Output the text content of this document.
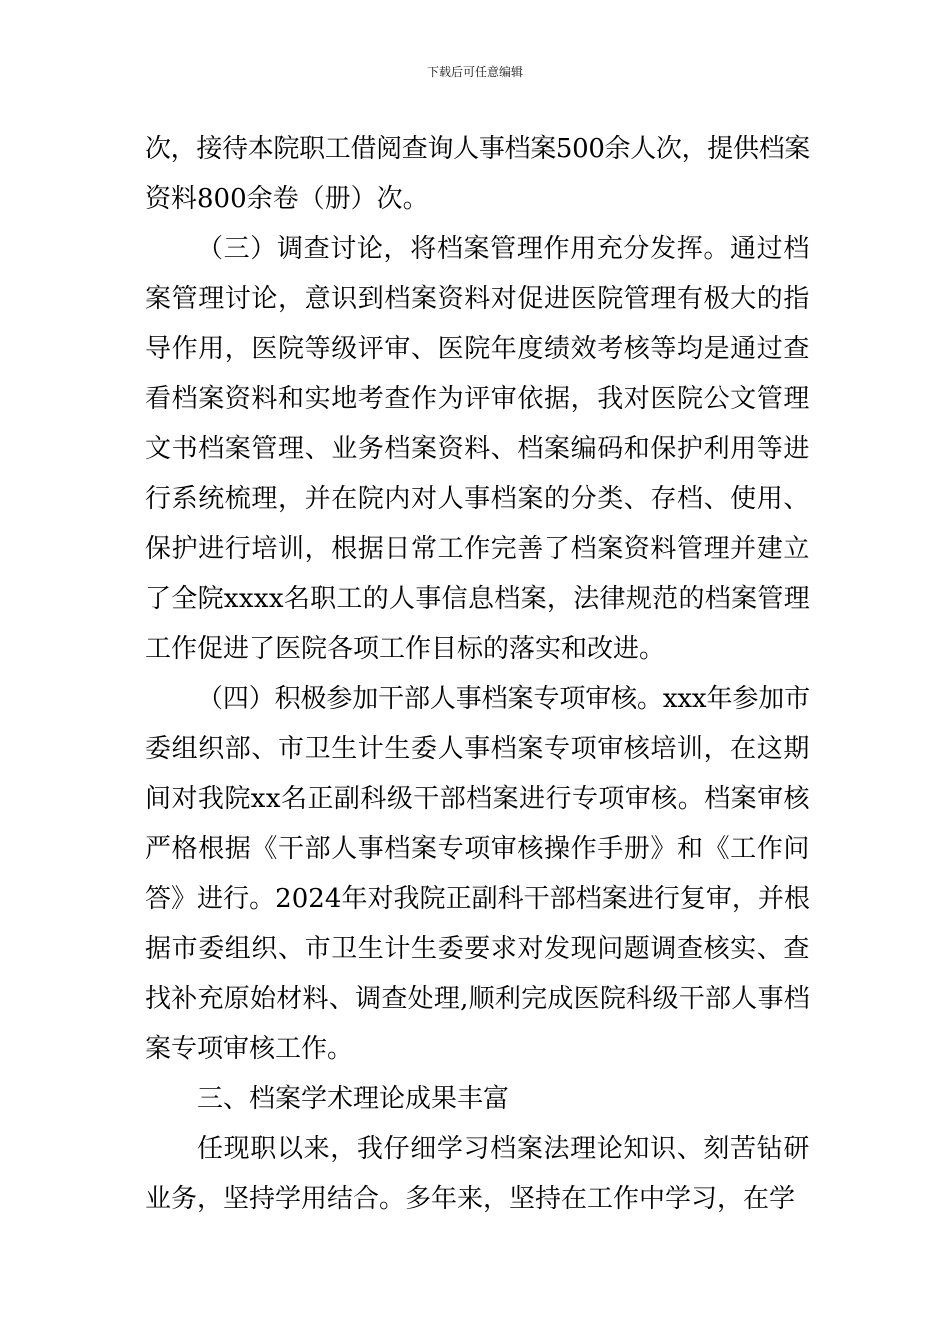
下载后可任意编辑
次，接待本院职工借阅查询人事档案500余人次，提供档案
资料800余卷（册）次。
（三）调查讨论，将档案管理作用充分发挥。通过档
案管理讨论，意识到档案资料对促进医院管理有极大的指
导作用，医院等级评审、医院年度绩效考核等均是通过查
看档案资料和实地考查作为评审依据，我对医院公文管理
文书档案管理、业务档案资料、档案编码和保护利用等进
行系统梳理，并在院内对人事档案的分类、存档、使用、
保护进行培训，根据日常工作完善了档案资料管理并建立
了全院xxxx名职工的人事信息档案，法律规范的档案管理
工作促进了医院各项工作目标的落实和改进。
（四）积极参加干部人事档案专项审核。xxx年参加市
委组织部、市卫生计生委人事档案专项审核培训，在这期
间对我院xx名正副科级干部档案进行专项审核。档案审核
严格根据《干部人事档案专项审核操作手册》和《工作问
答》进行。2024年对我院正副科干部档案进行复审，并根
据市委组织、市卫生计生委要求对发现问题调查核实、查
找补充原始材料、调查处理,顺利完成医院科级干部人事档
案专项审核工作。
三、档案学术理论成果丰富
任现职以来，我仔细学习档案法理论知识、刻苦钻研
业务，坚持学用结合。多年来，坚持在工作中学习，在学
